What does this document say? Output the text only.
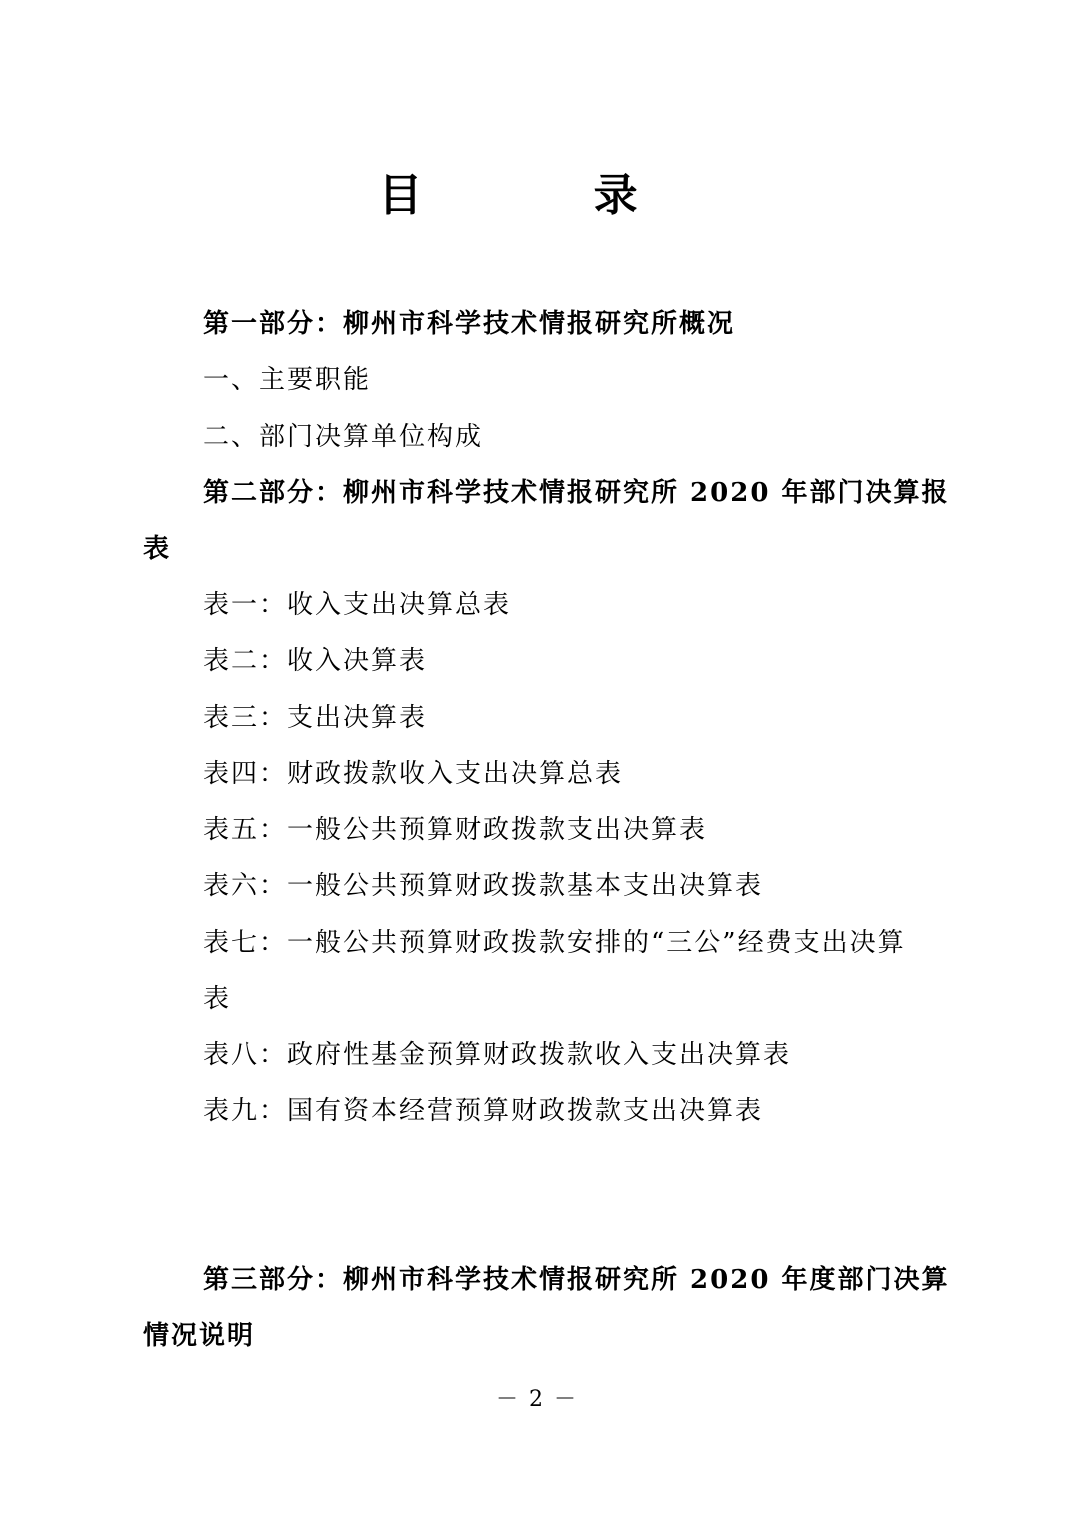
目 录
第一部分：柳州市科学技术情报研究所概况
一、主要职能
二、部门决算单位构成
第二部分：柳州市科学技术情报研究所 2020 年部门决算报
表
表一：收入支出决算总表
表二：收入决算表
表三：支出决算表
表四：财政拨款收入支出决算总表
表五：一般公共预算财政拨款支出决算表
表六：一般公共预算财政拨款基本支出决算表
表七：一般公共预算财政拨款安排的“三公”经费支出决算
表
表八：政府性基金预算财政拨款收入支出决算表
表九：国有资本经营预算财政拨款支出决算表
第三部分：柳州市科学技术情报研究所 2020 年度部门决算
情况说明
－ 2 －
